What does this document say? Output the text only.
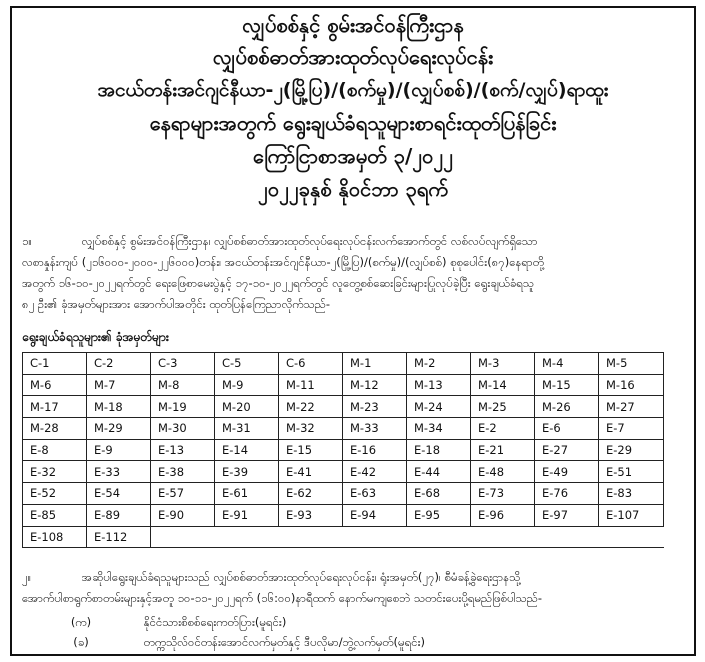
လျှပ်စစ်နှင့် စွမ်းအင်ဝန်ကြီးဌာန
လျှပ်စစ်ဓာတ်အားထုတ်လုပ်ရေးလုပ်ငန်း
အငယ်တန်းအင်ဂျင်နီယာ-၂(မြို့ပြ)/(စက်မှု)/(လျှပ်စစ်)/(စက်/လျှပ်)ရာထူး
နေရာများအတွက် ရွေးချယ်ခံရသူများစာရင်းထုတ်ပြန်ခြင်း
ကြော်ငြာစာအမှတ် ၃/၂၀၂၂
၂၀၂၂ခုနှစ် နိုဝင်ဘာ ၃ရက်
၁။	လျှပ်စစ်နှင့် စွမ်းအင်ဝန်ကြီးဌာန၊ လျှပ်စစ်ဓာတ်အားထုတ်လုပ်ရေးလုပ်ငန်းလက်အောက်တွင် လစ်လပ်လျက်ရှိသော
လစာနှုန်းကျပ် (၂၁၆၀၀၀-၂၀၀၀-၂၂၆၀၀၀)တန်း၊ အငယ်တန်းအင်ဂျင်နီယာ-၂(မြို့ပြ)/(စက်မှု)/(လျှပ်စစ်) စုစုပေါင်း(၈၇)နေရာတို့
အတွက် ၁၆-၁၀-၂၀၂၂ရက်တွင် ရေးဖြေစာမေးပွဲနှင့် ၁၇-၁၀-၂၀၂၂ရက်တွင် လူတွေ့စစ်ဆေးခြင်းများပြုလုပ်ခဲ့ပြီး ရွေးချယ်ခံရသူ
၈၂ ဦး၏ ခုံအမှတ်များအား အောက်ပါအတိုင်း ထုတ်ပြန်ကြေညာလိုက်သည်-
ရွေးချယ်ခံရသူများ၏ ခုံအမှတ်များ
C-1	C-2	C-3	C-5	C-6	M-1	M-2	M-3	M-4	M-5
M-6	M-7	M-8	M-9	M-11	M-12	M-13	M-14	M-15	M-16
M-17	M-18	M-19	M-20	M-22	M-23	M-24	M-25	M-26	M-27
M-28	M-29	M-30	M-31	M-32	M-33	M-34	E-2	E-6	E-7
E-8	E-9	E-13	E-14	E-15	E-16	E-18	E-21	E-27	E-29
E-32	E-33	E-38	E-39	E-41	E-42	E-44	E-48	E-49	E-51
E-52	E-54	E-57	E-61	E-62	E-63	E-68	E-73	E-76	E-83
E-85	E-89	E-90	E-91	E-93	E-94	E-95	E-96	E-97	E-107
E-108	E-112								
၂။	အဆိုပါရွေးချယ်ခံရသူများသည် လျှပ်စစ်ဓာတ်အားထုတ်လုပ်ရေးလုပ်ငန်း၊ ရုံးအမှတ်(၂၇)၊ စီမံခန့်ခွဲရေးဌာနသို့
အောက်ပါစာရွက်စာတမ်းများနှင့်အတူ ၁၀-၁၁-၂၀၂၂ရက် (၁၆:၀၀)နာရီထက် နောက်မကျစေဘဲ သတင်းပေးပို့ရမည်ဖြစ်ပါသည်-
(က)	နိုင်ငံသားစိစစ်ရေးကတ်ပြား(မူရင်း)
(ခ)	တက္ကသိုလ်ဝင်တန်းအောင်လက်မှတ်နှင့် ဒီပလိုမာ/ဘွဲ့လက်မှတ်(မူရင်း)
